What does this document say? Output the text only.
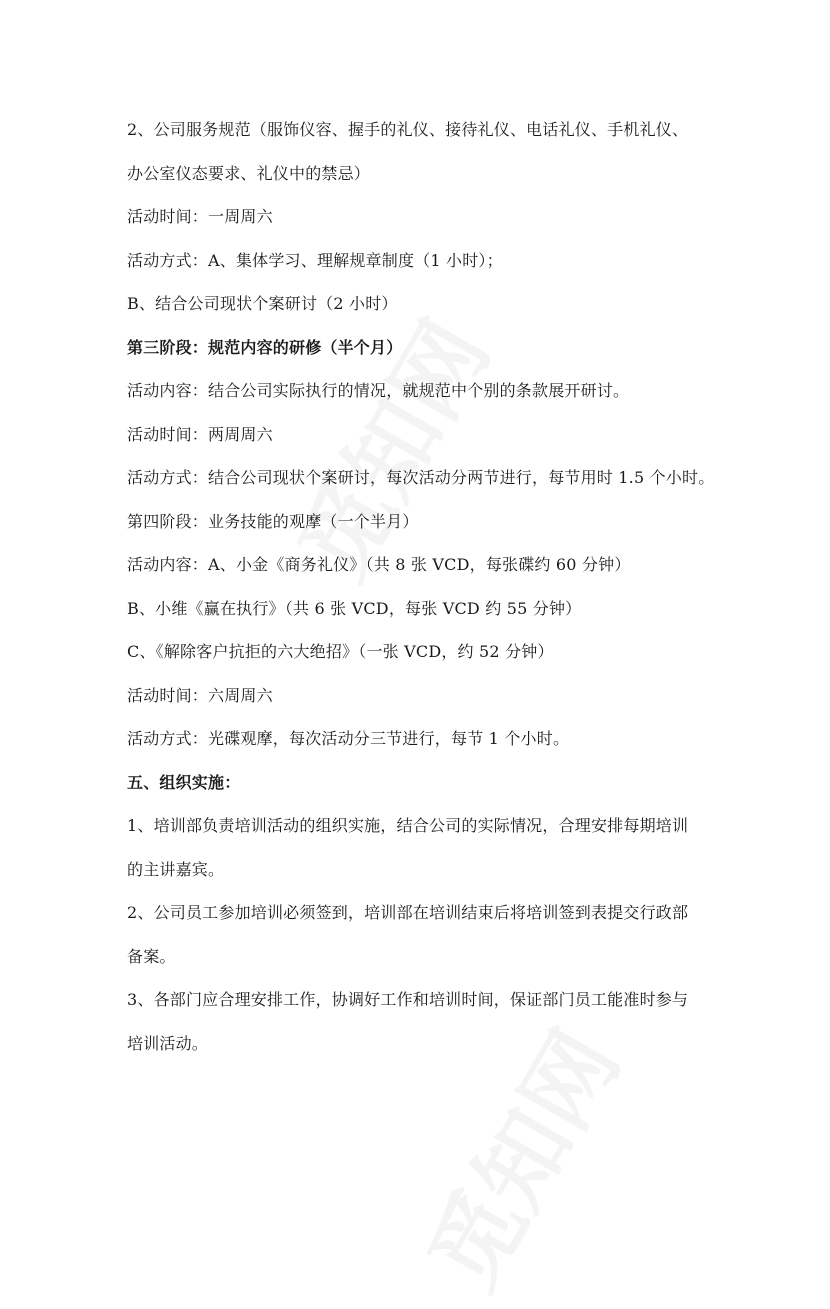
2、公司服务规范（服饰仪容、握手的礼仪、接待礼仪、电话礼仪、手机礼仪、
办公室仪态要求、礼仪中的禁忌）
活动时间：一周周六
活动方式：A、集体学习、理解规章制度（1 小时）；
B、结合公司现状个案研讨（2 小时）
第三阶段：规范内容的研修（半个月）
活动内容：结合公司实际执行的情况，就规范中个别的条款展开研讨。
活动时间：两周周六
活动方式：结合公司现状个案研讨，每次活动分两节进行，每节用时 1.5 个小时。
第四阶段：业务技能的观摩（一个半月）
活动内容：A、小金《商务礼仪》（共 8 张 VCD，每张碟约 60 分钟）
B、小维《赢在执行》（共 6 张 VCD，每张 VCD 约 55 分钟）
C、《解除客户抗拒的六大绝招》（一张 VCD，约 52 分钟）
活动时间：六周周六
活动方式：光碟观摩，每次活动分三节进行，每节 1 个小时。
五、组织实施：
1、培训部负责培训活动的组织实施，结合公司的实际情况，合理安排每期培训
的主讲嘉宾。
2、公司员工参加培训必须签到，培训部在培训结束后将培训签到表提交行政部
备案。
3、各部门应合理安排工作，协调好工作和培训时间，保证部门员工能准时参与
培训活动。
